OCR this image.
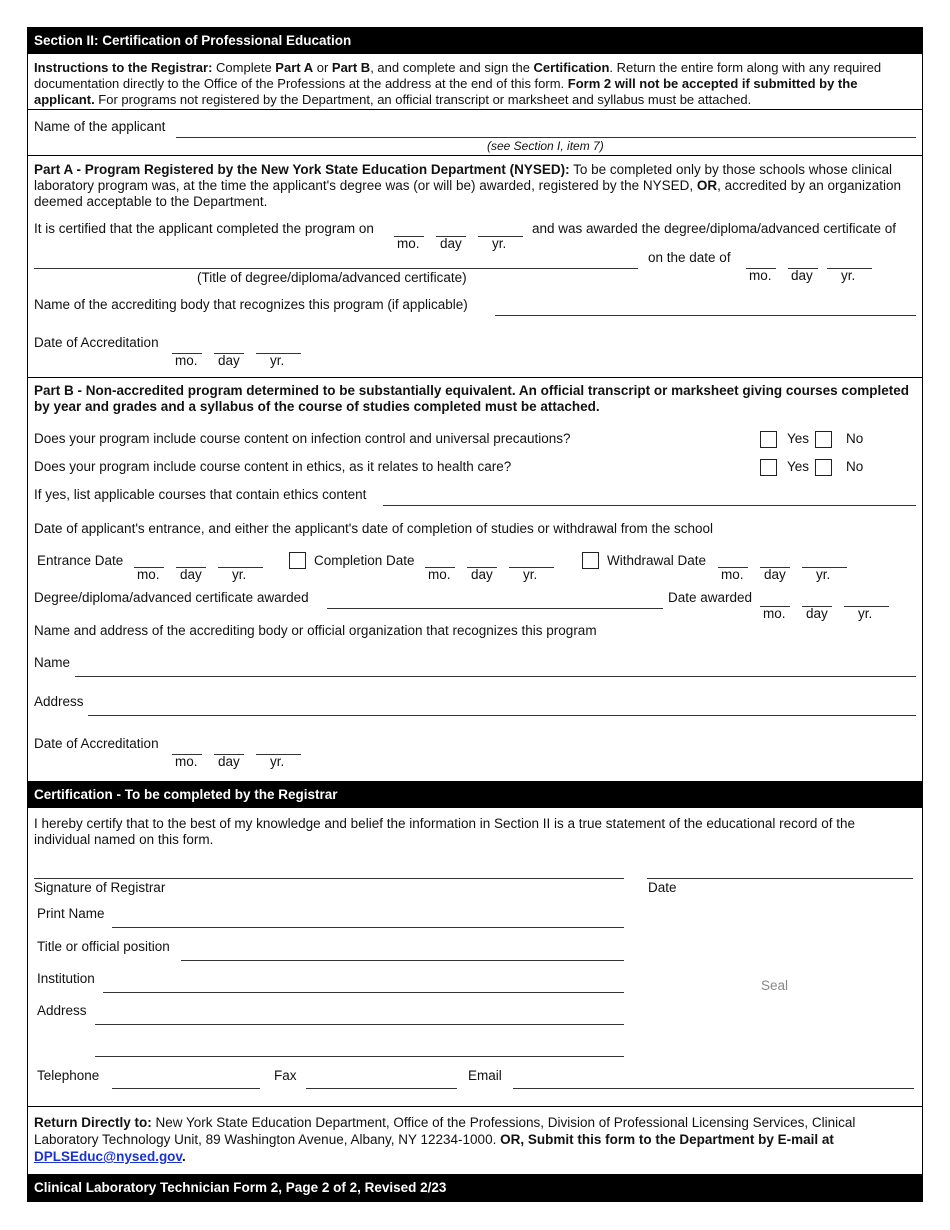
Section II: Certification of Professional Education
Instructions to the Registrar: Complete Part A or Part B, and complete and sign the Certification. Return the entire form along with any required documentation directly to the Office of the Professions at the address at the end of this form. Form 2 will not be accepted if submitted by the applicant. For programs not registered by the Department, an official transcript or marksheet and syllabus must be attached.
Name of the applicant
(see Section I, item 7)
Part A - Program Registered by the New York State Education Department (NYSED): To be completed only by those schools whose clinical laboratory program was, at the time the applicant's degree was (or will be) awarded, registered by the NYSED, OR, accredited by an organization deemed acceptable to the Department.
It is certified that the applicant completed the program on
mo. day yr.
and was awarded the degree/diploma/advanced certificate of
(Title of degree/diploma/advanced certificate)
on the date of
mo. day yr.
Name of the accrediting body that recognizes this program (if applicable)
Date of Accreditation
mo. day yr.
Part B - Non-accredited program determined to be substantially equivalent. An official transcript or marksheet giving courses completed by year and grades and a syllabus of the course of studies completed must be attached.
Does your program include course content on infection control and universal precautions?	Yes	No
Does your program include course content in ethics, as it relates to health care?	Yes	No
If yes, list applicable courses that contain ethics content
Date of applicant's entrance, and either the applicant's date of completion of studies or withdrawal from the school
Entrance Date
mo. day yr.
Completion Date
mo. day yr.
Withdrawal Date
mo. day yr.
Degree/diploma/advanced certificate awarded	Date awarded
mo. day yr.
Name and address of the accrediting body or official organization that recognizes this program
Name
Address
Date of Accreditation
mo. day yr.
Certification - To be completed by the Registrar
I hereby certify that to the best of my knowledge and belief the information in Section II is a true statement of the educational record of the individual named on this form.
Signature of Registrar	Date
Print Name
Title or official position
Institution
Address
Seal
Telephone	Fax	Email
Return Directly to: New York State Education Department, Office of the Professions, Division of Professional Licensing Services, Clinical Laboratory Technology Unit, 89 Washington Avenue, Albany, NY 12234-1000. OR, Submit this form to the Department by E-mail at DPLSEduc@nysed.gov.
Clinical Laboratory Technician Form 2, Page 2 of 2, Revised 2/23
